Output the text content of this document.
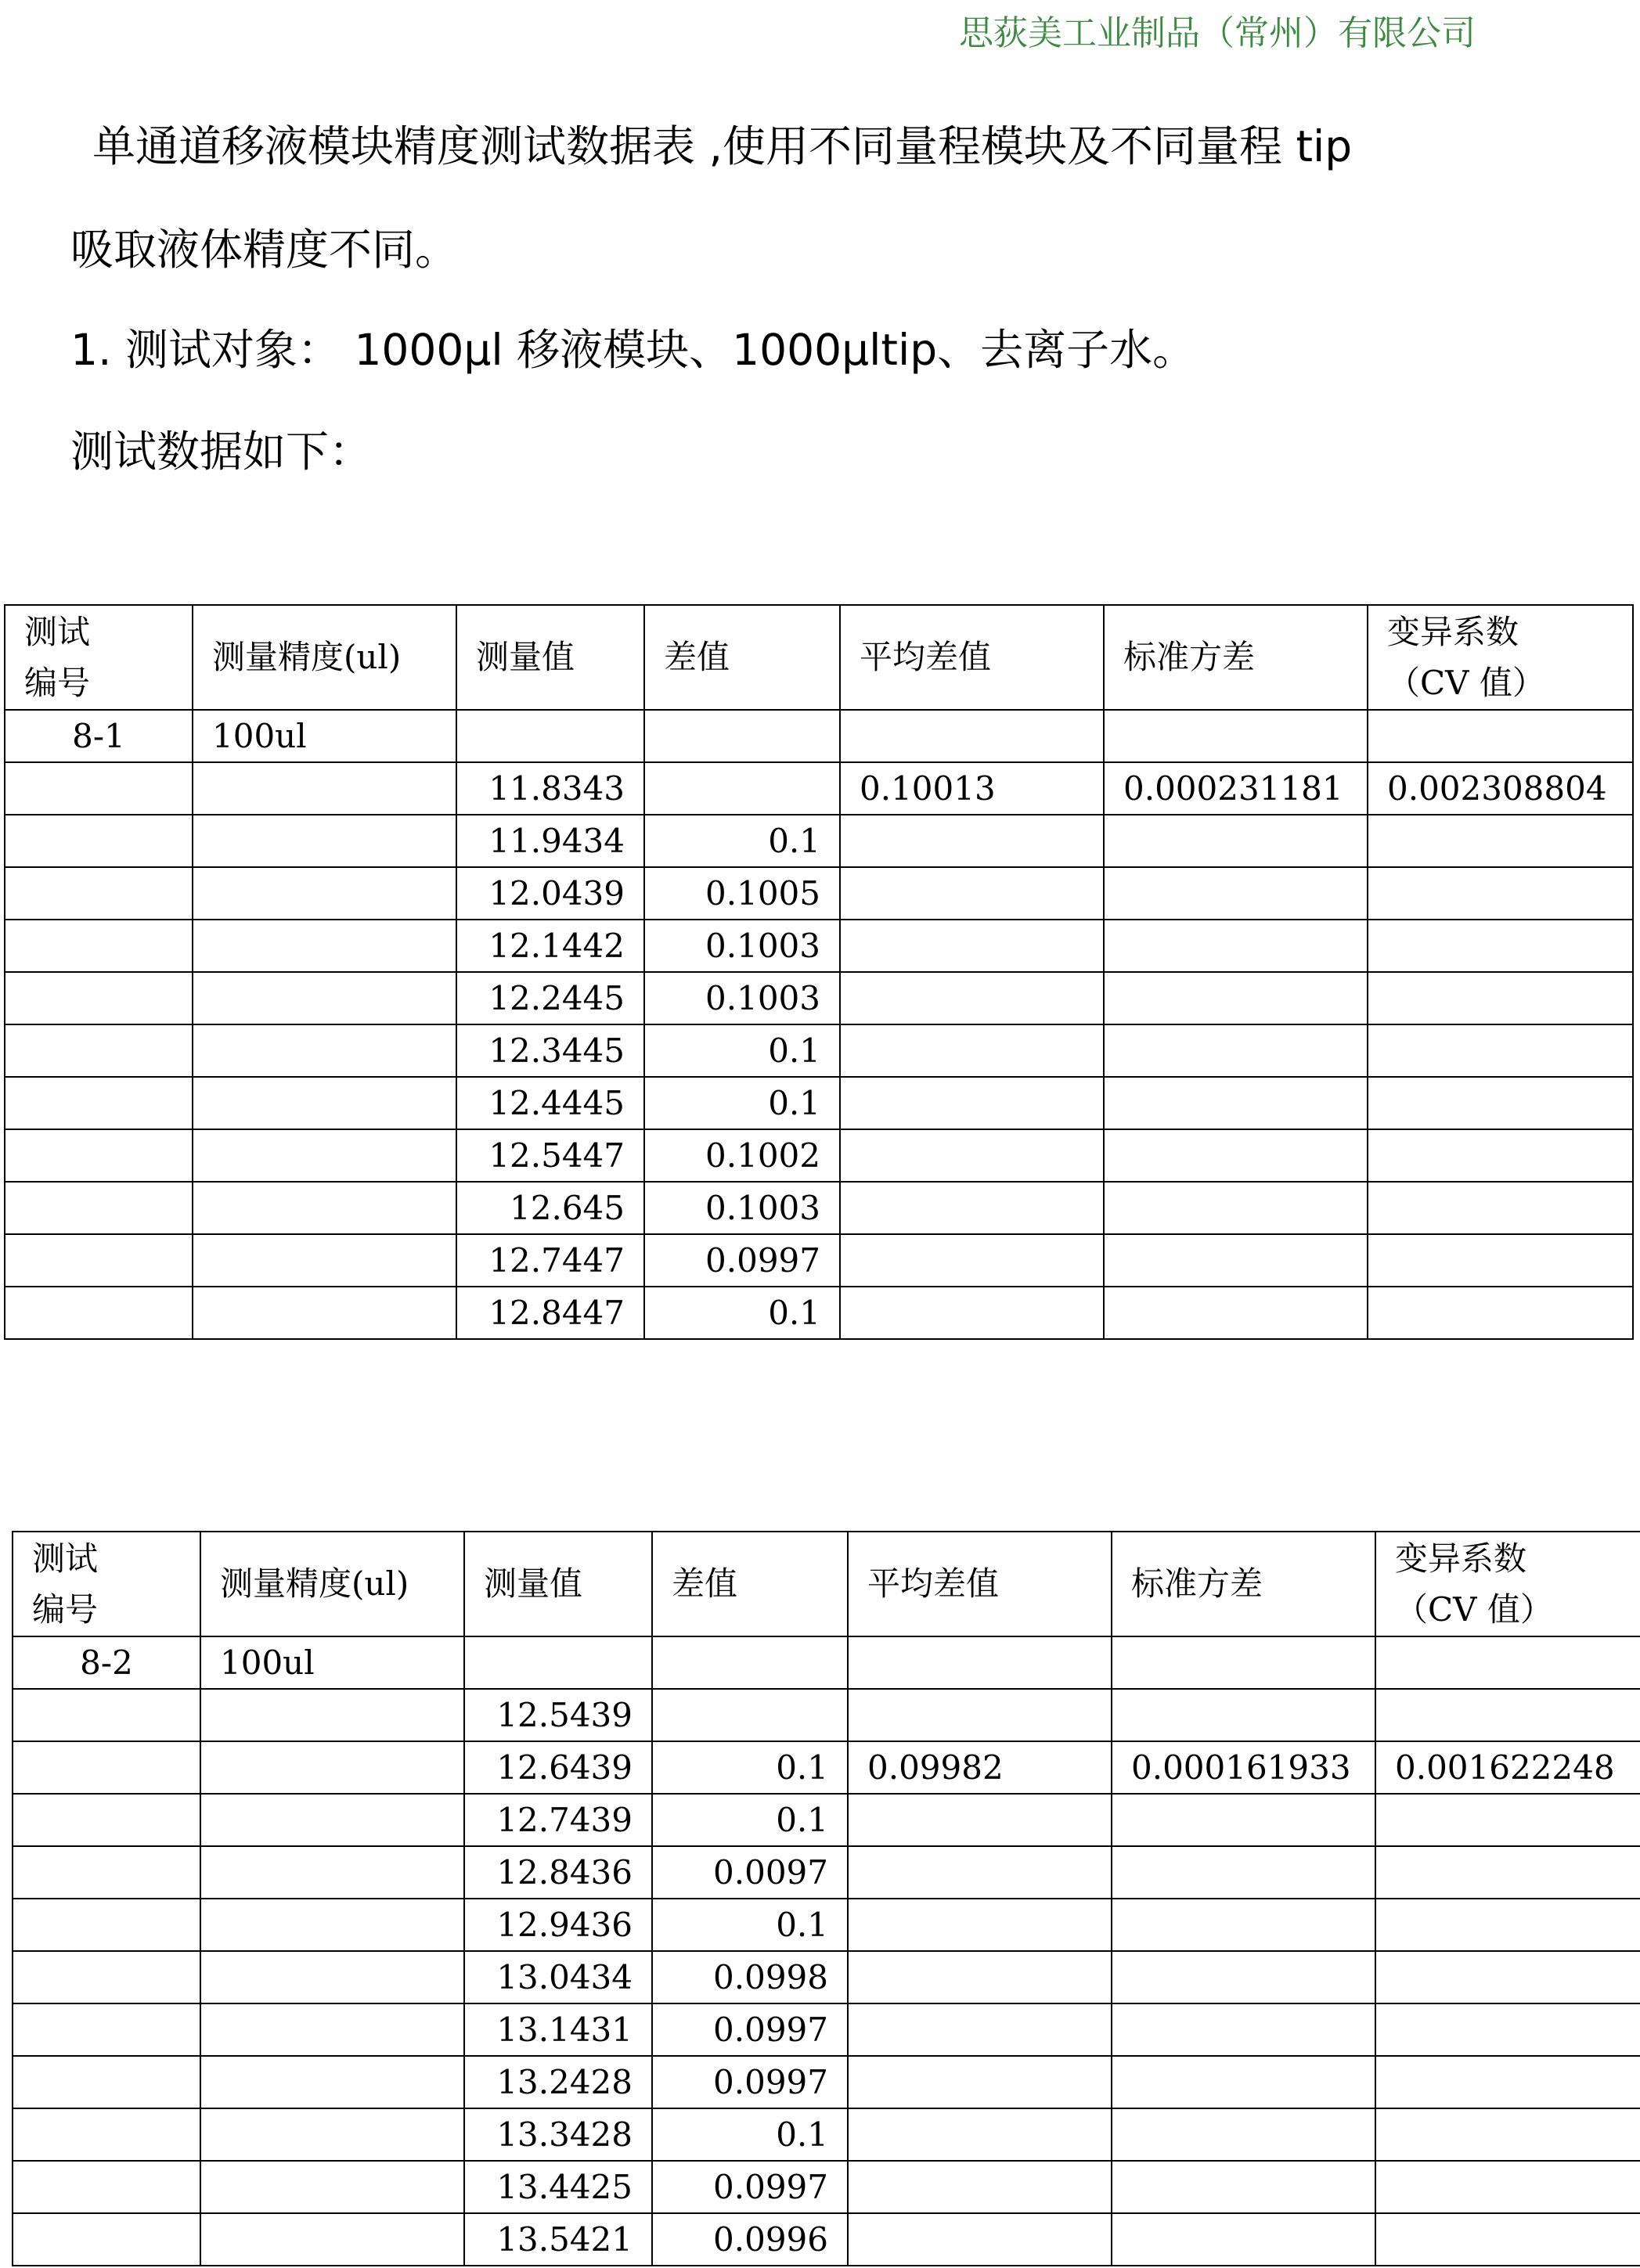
思荻美工业制品（常州）有限公司
单通道移液模块精度测试数据表 ,使用不同量程模块及不同量程 tip
吸取液体精度不同。
1. 测试对象： 1000μl 移液模块、1000μltip、去离子水。
测试数据如下：
测试
编号	测量精度(ul)	测量值	差值	平均差值	标准方差	变异系数
（CV 值）
8-1	100ul					
		11.8343		0.10013	0.000231181	0.002308804
		11.9434	0.1			
		12.0439	0.1005			
		12.1442	0.1003			
		12.2445	0.1003			
		12.3445	0.1			
		12.4445	0.1			
		12.5447	0.1002			
		12.645	0.1003			
		12.7447	0.0997			
		12.8447	0.1			
测试
编号	测量精度(ul)	测量值	差值	平均差值	标准方差	变异系数
（CV 值）
8-2	100ul					
		12.5439				
		12.6439	0.1	0.09982	0.000161933	0.001622248
		12.7439	0.1			
		12.8436	0.0097			
		12.9436	0.1			
		13.0434	0.0998			
		13.1431	0.0997			
		13.2428	0.0997			
		13.3428	0.1			
		13.4425	0.0997			
		13.5421	0.0996			
